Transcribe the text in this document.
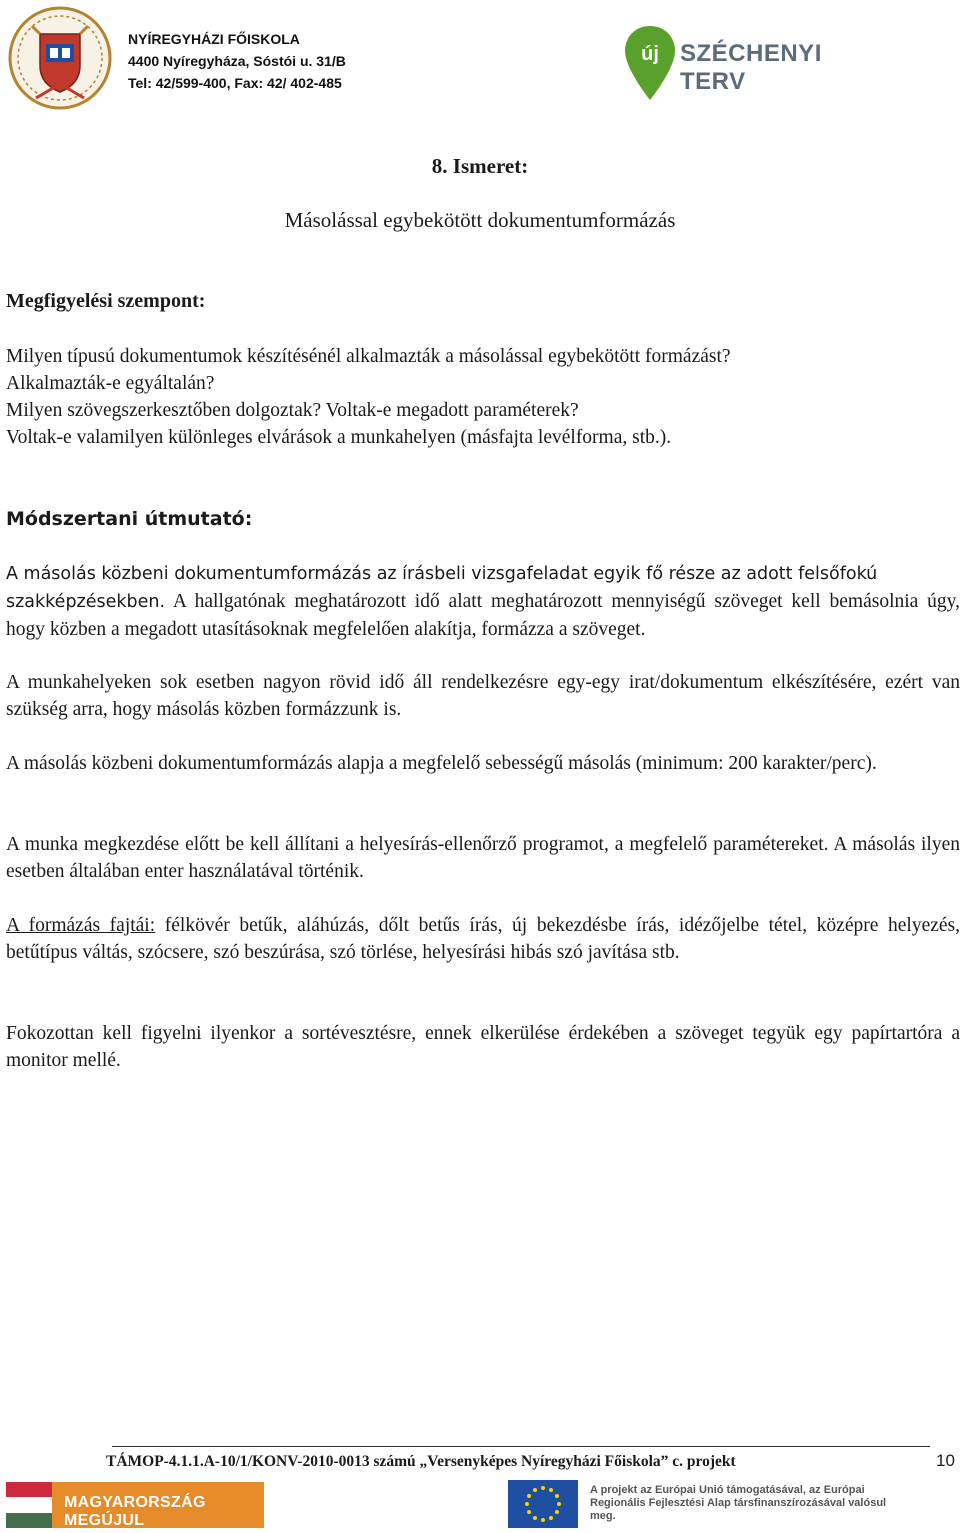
NYÍREGYHÁZI FŐISKOLA
4400 Nyíregyháza, Sóstói u. 31/B
Tel: 42/599-400, Fax: 42/ 402-485
új SZÉCHENYI TERV
8. Ismeret:
Másolással egybekötött dokumentumformázás
Megfigyelési szempont:
Milyen típusú dokumentumok készítésénél alkalmazták a másolással egybekötött formázást?
Alkalmazták-e egyáltalán?
Milyen szövegszerkesztőben dolgoztak? Voltak-e megadott paraméterek?
Voltak-e valamilyen különleges elvárások a munkahelyen (másfajta levélforma, stb.).
Módszertani útmutató:
A másolás közbeni dokumentumformázás az írásbeli vizsgafeladat egyik fő része az adott felsőfokú
szakképzésekben. A hallgatónak meghatározott idő alatt meghatározott mennyiségű szöveget kell bemásolnia úgy, hogy közben a megadott utasításoknak megfelelően alakítja, formázza a szöveget.
A munkahelyeken sok esetben nagyon rövid idő áll rendelkezésre egy-egy irat/dokumentum elkészítésére, ezért van szükség arra, hogy másolás közben formázzunk is.
A másolás közbeni dokumentumformázás alapja a megfelelő sebességű másolás (minimum: 200 karakter/perc).
A munka megkezdése előtt be kell állítani a helyesírás-ellenőrző programot, a megfelelő paramétereket. A másolás ilyen esetben általában enter használatával történik.
A formázás fajtái: félkövér betűk, aláhúzás, dőlt betűs írás, új bekezdésbe írás, idézőjelbe tétel, középre helyezés, betűtípus váltás, szócsere, szó beszúrása, szó törlése, helyesírási hibás szó javítása stb.
Fokozottan kell figyelni ilyenkor a sortévesztésre, ennek elkerülése érdekében a szöveget tegyük egy papírtartóra a monitor mellé.
TÁMOP-4.1.1.A-10/1/KONV-2010-0013 számú „Versenyképes Nyíregyházi Főiskola” c. projekt	10
MAGYARORSZÁG MEGÚJUL
A projekt az Európai Unió támogatásával, az Európai
Regionális Fejlesztési Alap társfinanszírozásával valósul meg.
